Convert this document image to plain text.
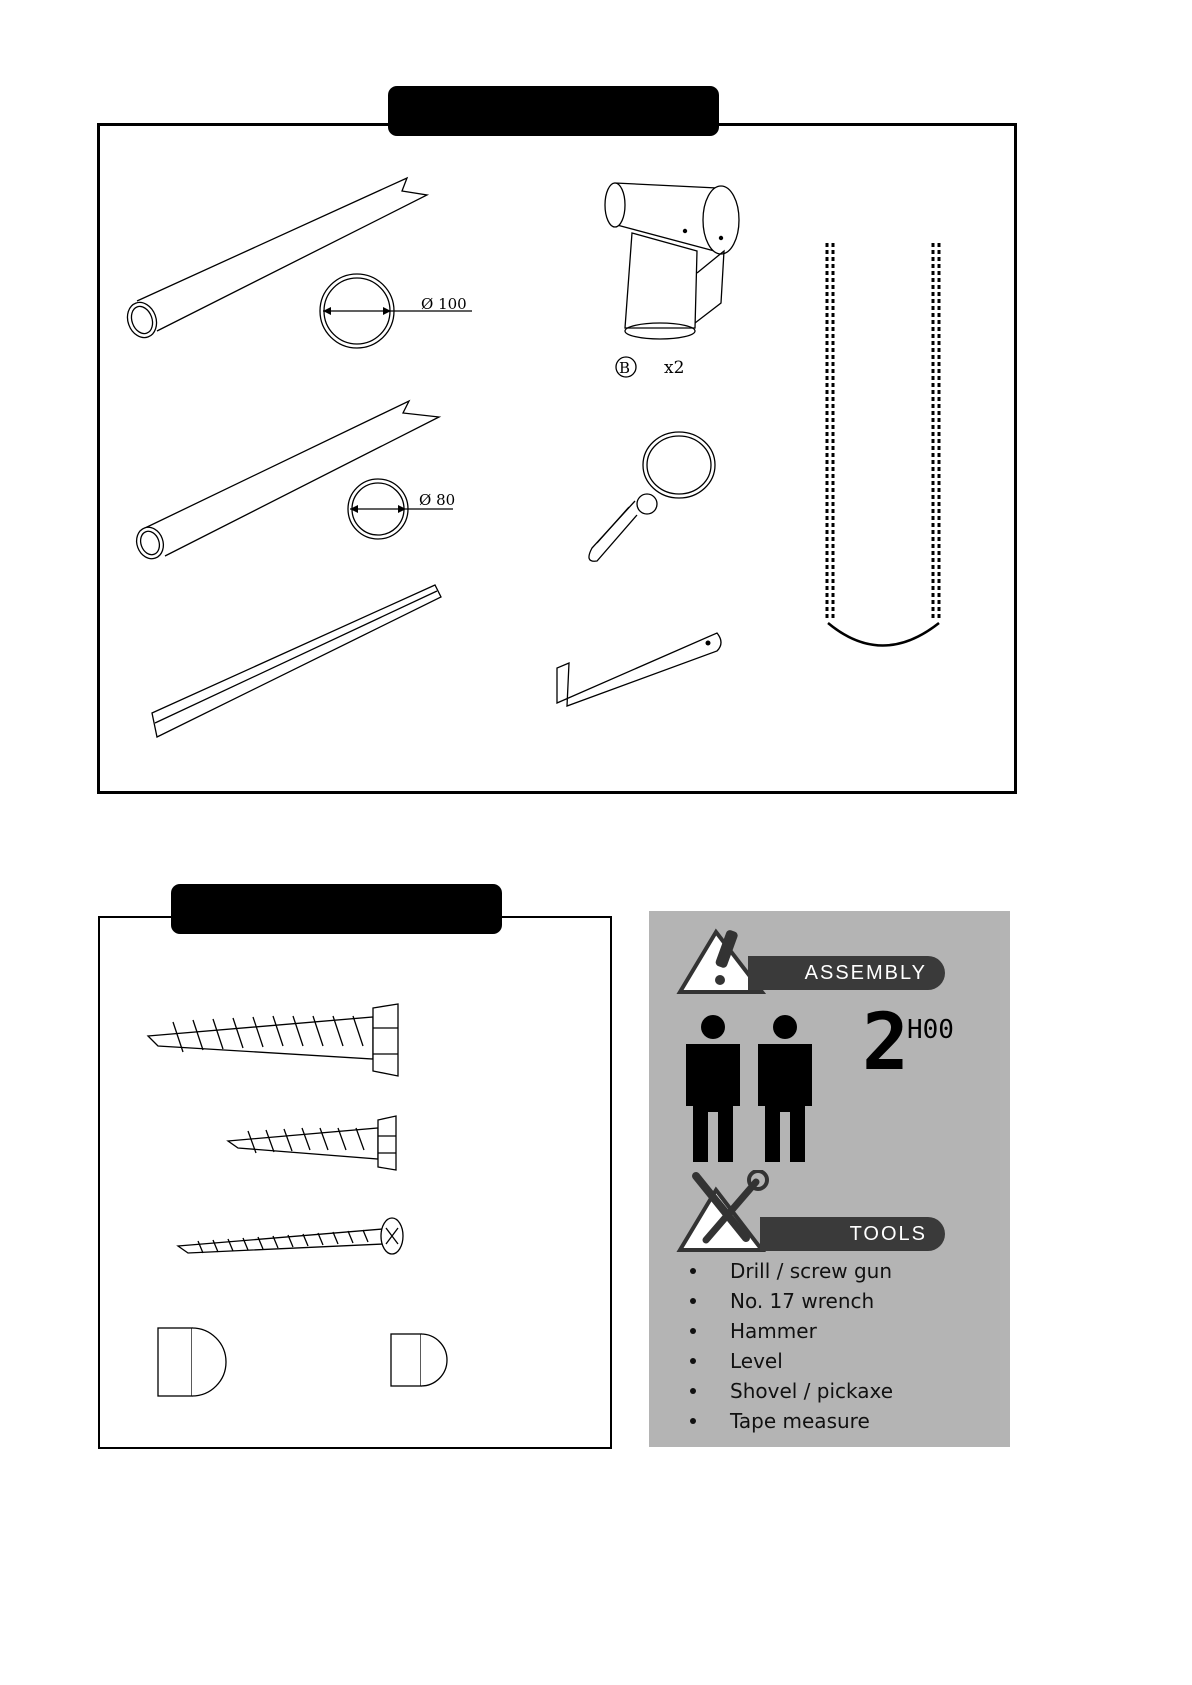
Ø 100
Ø 80
B x2
ASSEMBLY
2
H00
TOOLS
Drill / screw gun
No. 17 wrench
Hammer
Level
Shovel / pickaxe
Tape measure
